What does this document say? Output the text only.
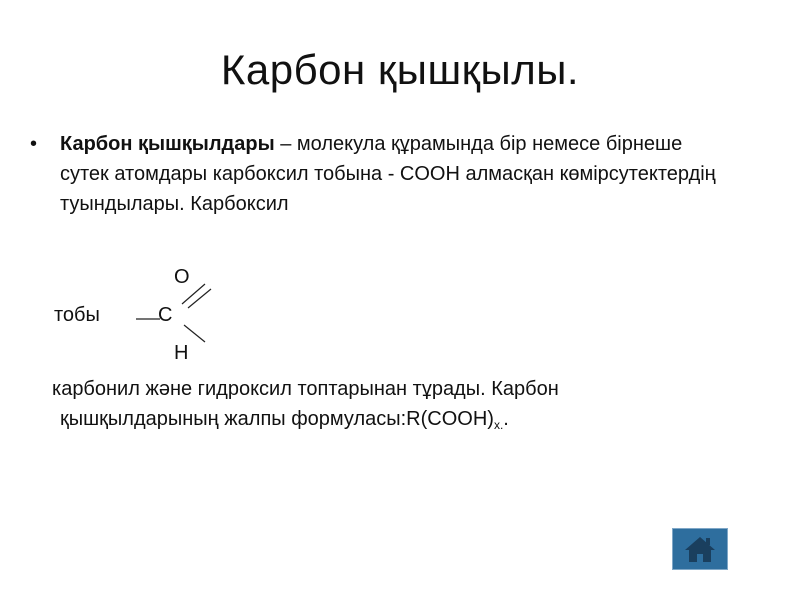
Карбон қышқылы.
• Карбон қышқылдары – молекула құрамында бір немесе бірнеше сутек атомдары карбоксил тобына - COOH алмасқан көмірсутектердің туындылары. Карбоксил
O
тобы	C
H
карбонил және гидроксил топтарынан тұрады. Карбон
қышқылдарының жалпы $формуласы:R(COOH)_{x.}$.
